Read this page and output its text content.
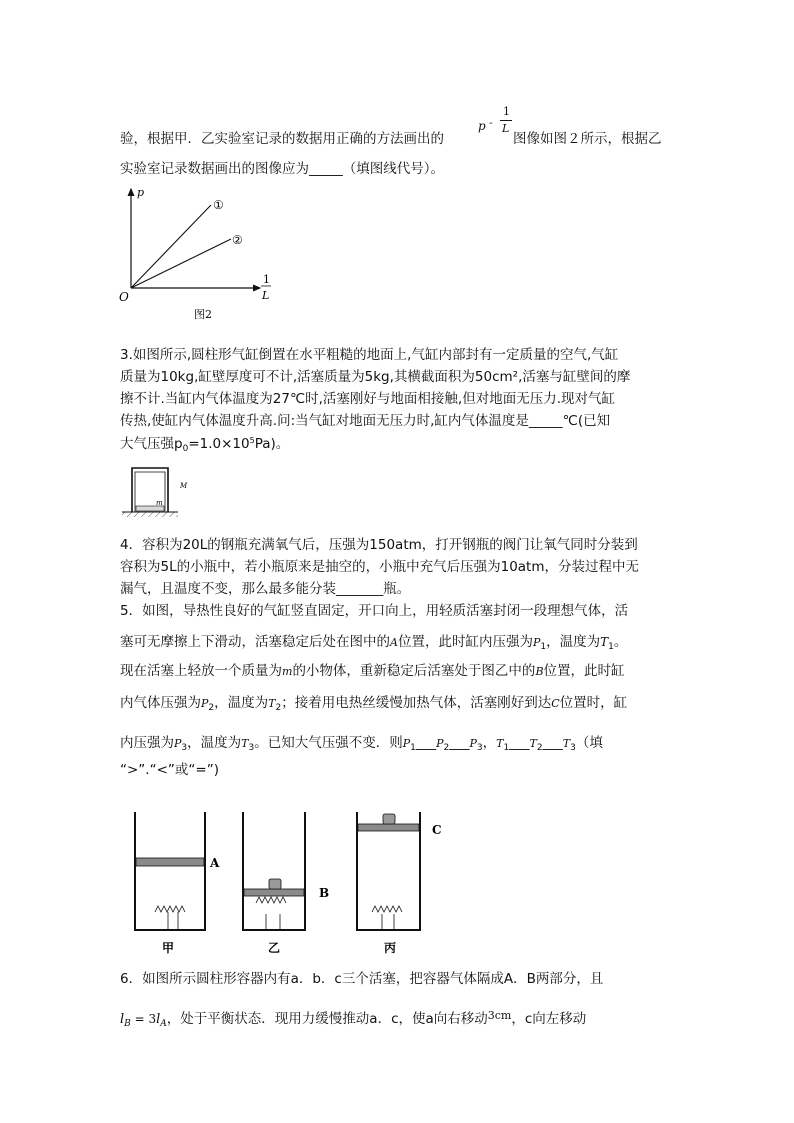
验，根据甲．乙实验室记录的数据用正确的方法画出的
p -
1
L
图像如图２所示，根据乙
实验室记录数据画出的图像应为_____（填图线代号）。
p
O
1
L
①
②
图2
3.如图所示,圆柱形气缸倒置在水平粗糙的地面上,气缸内部封有一定质量的空气,气缸
质量为10kg,缸壁厚度可不计,活塞质量为5kg,其横截面积为50cm²,活塞与缸壁间的摩
擦不计.当缸内气体温度为27℃时,活塞刚好与地面相接触,但对地面无压力.现对气缸
传热,使缸内气体温度升高.问:当气缸对地面无压力时,缸内气体温度是_____℃(已知
大气压强$p_0=1.0\times 10^5Pa$)。
M
m
4．容积为20L的钢瓶充满氧气后，压强为150atm，打开钢瓶的阀门让氧气同时分装到
容积为5L的小瓶中，若小瓶原来是抽空的，小瓶中充气后压强为10atm，分装过程中无
漏气，且温度不变，那么最多能分装_______瓶。
5．如图，导热性良好的气缸竖直固定，开口向上，用轻质活塞封闭一段理想气体，活
塞可无摩擦上下滑动，活塞稳定后处在图中的A位置，此时缸内压强为$P_1$，温度为$T_1$。
现在活塞上轻放一个质量为m的小物体，重新稳定后活塞处于图乙中的B位置，此时缸
内气体压强为$P_2$，温度为$T_2$；接着用电热丝缓慢加热气体，活塞刚好到达C位置时，缸
内压强为$P_3$，温度为$T_3$。已知大气压强不变．则$P_1\_\_\_P_2\_\_\_P_3$，$T_1\_\_\_T_2\_\_\_T_3$（填
“>”.“<”或“=”)
A
甲
B
乙
C
丙
6．如图所示圆柱形容器内有a．b．c三个活塞，把容器气体隔成A．B两部分，且
$l_B = 3l_A$，处于平衡状态．现用力缓慢推动a．c，使a向右移动$^{3cm}$，c向左移动
